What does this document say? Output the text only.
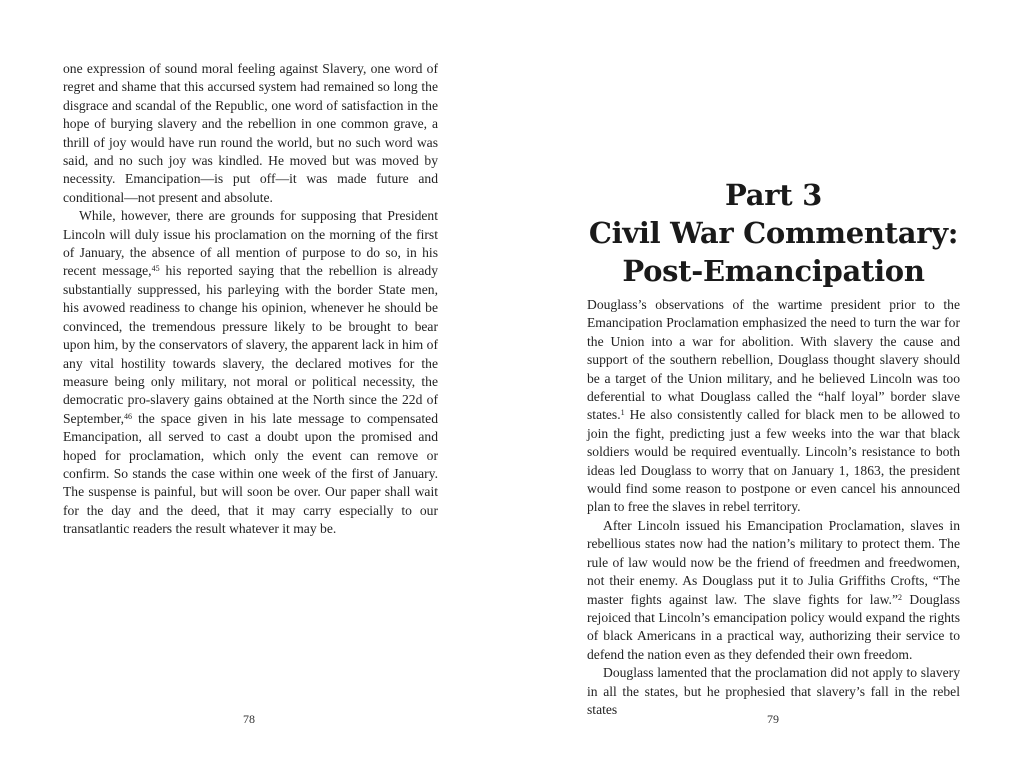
one expression of sound moral feeling against Slavery, one word of regret and shame that this accursed system had remained so long the disgrace and scandal of the Republic, one word of satisfaction in the hope of burying slavery and the rebellion in one common grave, a thrill of joy would have run round the world, but no such word was said, and no such joy was kindled. He moved but was moved by necessity. Emancipation—is put off—it was made future and conditional—not present and absolute.

While, however, there are grounds for supposing that President Lincoln will duly issue his proclamation on the morning of the first of January, the absence of all mention of purpose to do so, in his recent message,$^{45}$ his reported saying that the rebellion is already substantially suppressed, his parleying with the border State men, his avowed readiness to change his opinion, whenever he should be convinced, the tremendous pressure likely to be brought to bear upon him, by the conservators of slavery, the apparent lack in him of any vital hostility towards slavery, the declared motives for the measure being only military, not moral or political necessity, the democratic pro-slavery gains obtained at the North since the 22d of September,$^{46}$ the space given in his late message to compensated Emancipation, all served to cast a doubt upon the promised and hoped for proclamation, which only the event can remove or confirm. So stands the case within one week of the first of January. The suspense is painful, but will soon be over. Our paper shall wait for the day and the deed, that it may carry especially to our transatlantic readers the result whatever it may be.

78
Part 3
Civil War Commentary:
Post-Emancipation

Douglass’s observations of the wartime president prior to the Emancipation Proclamation emphasized the need to turn the war for the Union into a war for abolition. With slavery the cause and support of the southern rebellion, Douglass thought slavery should be a target of the Union military, and he believed Lincoln was too deferential to what Douglass called the “half loyal” border slave states.$^1$ He also consistently called for black men to be allowed to join the fight, predicting just a few weeks into the war that black soldiers would be required eventually. Lincoln’s resistance to both ideas led Douglass to worry that on January 1, 1863, the president would find some reason to postpone or even cancel his announced plan to free the slaves in rebel territory.

After Lincoln issued his Emancipation Proclamation, slaves in rebellious states now had the nation’s military to protect them. The rule of law would now be the friend of freedmen and freedwomen, not their enemy. As Douglass put it to Julia Griffiths Crofts, “The master fights against law. The slave fights for law.”$^2$ Douglass rejoiced that Lincoln’s emancipation policy would expand the rights of black Americans in a practical way, authorizing their service to defend the nation even as they defended their own freedom.

Douglass lamented that the proclamation did not apply to slavery in all the states, but he prophesied that slavery’s fall in the rebel states

79
